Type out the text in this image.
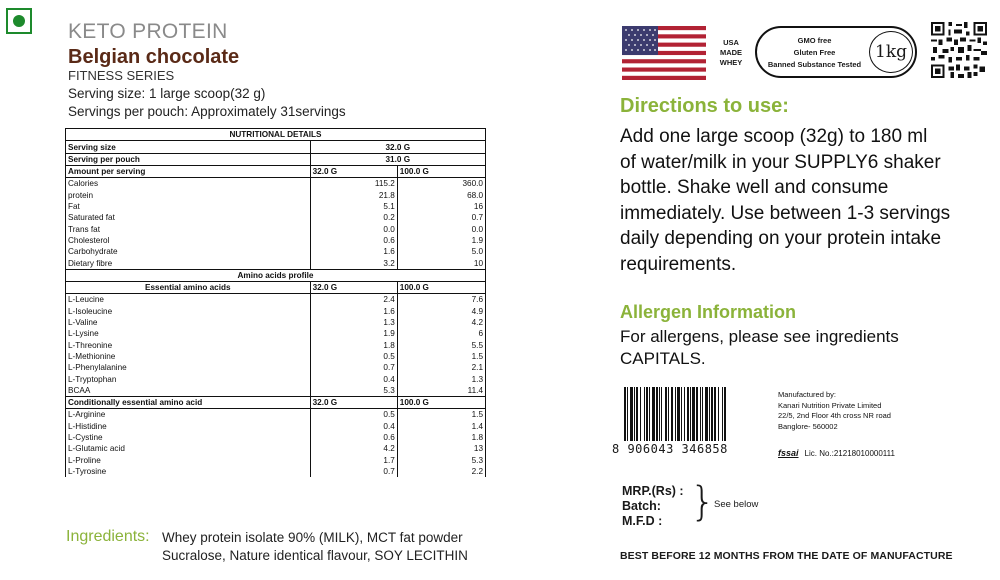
KETO PROTEIN
Belgian chocolate
FITNESS SERIES
Serving size: 1 large scoop(32 g)
Servings per pouch: Approximately 31servings
NUTRITIONAL DETAILS		
Serving size	32.0 G	
Serving per pouch	31.0 G	
Amount per serving	32.0 G	100.0 G
Calories	115.2	360.0
protein	21.8	68.0
Fat	5.1	16
Saturated fat	0.2	0.7
Trans fat	0.0	0.0
Cholesterol	0.6	1.9
Carbohydrate	1.6	5.0
Dietary fibre	3.2	10
Amino acids profile		
Essential amino acids	32.0 G	100.0 G
L-Leucine	2.4	7.6
L-Isoleucine	1.6	4.9
L-Valine	1.3	4.2
L-Lysine	1.9	6
L-Threonine	1.8	5.5
L-Methionine	0.5	1.5
L-Phenylalanine	0.7	2.1
L-Tryptophan	0.4	1.3
BCAA	5.3	11.4
Conditionally essential amino acid	32.0 G	100.0 G
L-Arginine	0.5	1.5
L-Histidine	0.4	1.4
L-Cystine	0.6	1.8
L-Glutamic acid	4.2	13
L-Proline	1.7	5.3
L-Tyrosine	0.7	2.2
Ingredients: Whey protein isolate 90% (MILK), MCT fat powder
Sucralose, Nature identical flavour, SOY LECITHIN
USA
MADE
WHEY
GMO free
Gluten Free
Banned Substance Tested
1kg
Directions to use:
Add one large scoop (32g) to 180 ml
of water/milk in your SUPPLY6 shaker
bottle. Shake well and consume
immediately. Use between 1-3 servings
daily depending on your protein intake
requirements.
Allergen Information
For allergens, please see ingredients
CAPITALS.
8 906043 346858
Manufactured by:
Kanari Nutrition Private Limited
22/5, 2nd Floor 4th cross NR road
Banglore- 560002
fssai Lic. No.:21218010000111
MRP.(Rs) :
Batch:
M.F.D : }
See below
BEST BEFORE 12 MONTHS FROM THE DATE OF MANUFACTURE
